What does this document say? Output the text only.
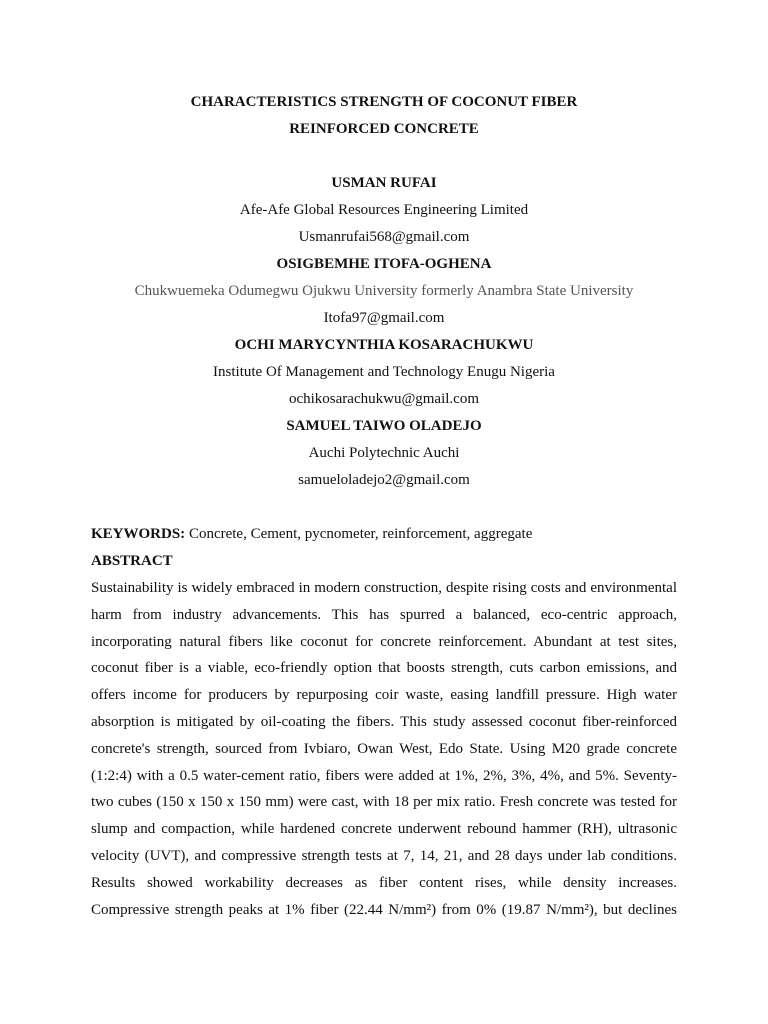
CHARACTERISTICS STRENGTH OF COCONUT FIBER
REINFORCED CONCRETE
USMAN RUFAI
Afe-Afe Global Resources Engineering Limited
Usmanrufai568@gmail.com
OSIGBEMHE ITOFA-OGHENA
Chukwuemeka Odumegwu Ojukwu University formerly Anambra State University
Itofa97@gmail.com
OCHI MARYCYNTHIA KOSARACHUKWU
Institute Of Management and Technology Enugu Nigeria
ochikosarachukwu@gmail.com
SAMUEL TAIWO OLADEJO
Auchi Polytechnic Auchi
samueloladejo2@gmail.com
KEYWORDS: Concrete, Cement, pycnometer, reinforcement, aggregate
ABSTRACT
Sustainability is widely embraced in modern construction, despite rising costs and environmental
harm from industry advancements. This has spurred a balanced, eco-centric approach,
incorporating natural fibers like coconut for concrete reinforcement. Abundant at test sites,
coconut fiber is a viable, eco-friendly option that boosts strength, cuts carbon emissions, and
offers income for producers by repurposing coir waste, easing landfill pressure. High water
absorption is mitigated by oil-coating the fibers. This study assessed coconut fiber-reinforced
concrete's strength, sourced from Ivbiaro, Owan West, Edo State. Using M20 grade concrete
(1:2:4) with a 0.5 water-cement ratio, fibers were added at 1%, 2%, 3%, 4%, and 5%. Seventy-
two cubes (150 x 150 x 150 mm) were cast, with 18 per mix ratio. Fresh concrete was tested for
slump and compaction, while hardened concrete underwent rebound hammer (RH), ultrasonic
velocity (UVT), and compressive strength tests at 7, 14, 21, and 28 days under lab conditions.
Results showed workability decreases as fiber content rises, while density increases.
Compressive strength peaks at 1% fiber (22.44 N/mm²) from 0% (19.87 N/mm²), but declines
